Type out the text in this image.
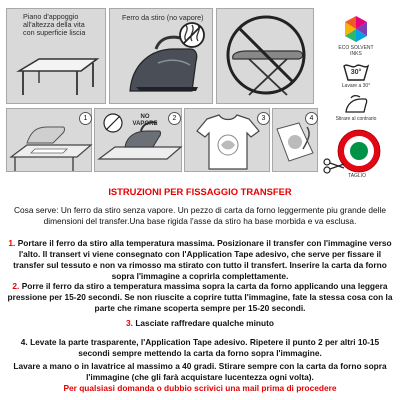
Piano d'appoggio
all'altezza della vita
con superficie liscia
Ferro da stiro (no vapore)
1	NO
VAPORE
2	3	4
ECO SOLVENT
INKS
30°
Lavare a 30°
Stirare al contrario
TAGLIO
ISTRUZIONI PER FISSAGGIO TRANSFER
Cosa serve: Un ferro da stiro senza vapore. Un pezzo di carta da forno leggermente piu grande delle dimensioni del transfer.Una base rigida l'asse da stiro ha base morbida e va esclusa.
1. Portare il ferro da stiro alla temperatura massima. Posizionare il transfer con l'immagine verso l'alto. Il transert vi viene consegnato con l'Application Tape adesivo, che serve per fissare il transfer sul tessuto e non va rimosso ma stirato con tutto il transfert. Inserire la carta da forno sopra l'immagine a coprirla complettamente.
2. Porre il ferro da stiro a temperatura massima sopra la carta da forno applicando una leggera pressione per 15-20 secondi. Se non riuscite a coprire tutta l'immagine, fate la stessa cosa con la parte che rimane scoperta sempre per 15-20 secondi.
3. Lasciate raffredare qualche minuto
4. Levate la parte trasparente, l'Application Tape adesivo. Ripetere il punto 2 per altri 10-15 secondi sempre mettendo la carta da forno sopra l'immagine.
Lavare a mano o in lavatrice al massimo a 40 gradi. Stirare sempre con la carta da forno sopra l'immagine (che gli farà acquistare lucentezza ogni volta).
Per qualsiasi domanda o dubbio scrivici una mail prima di procedere
